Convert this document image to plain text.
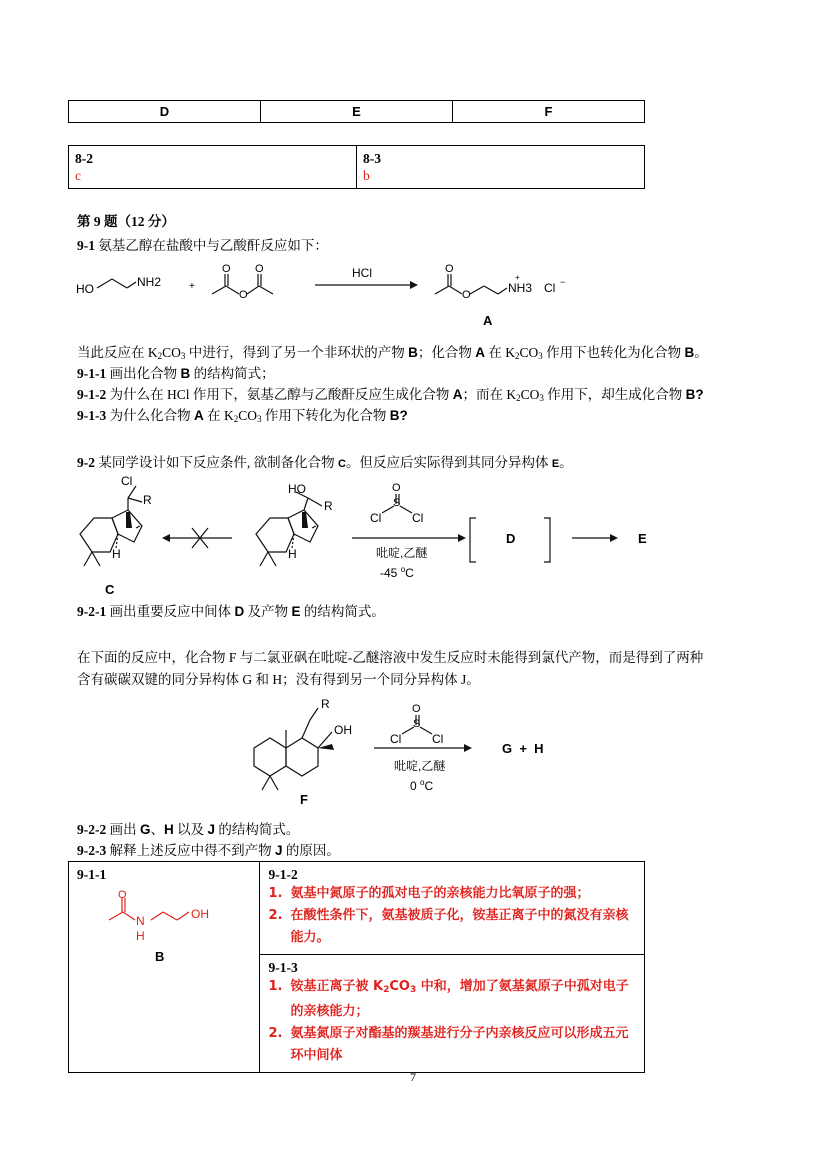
D	E	F
8-2
c

8-3
b
第 9 题（12 分）
9-1 氨基乙醇在盐酸中与乙酸酐反应如下：
HO	NH2	+
O O
O
HCl	O
O	NH3
+
Cl −
A
当此反应在 $K_2CO_3$ 中进行，得到了另一个非环状的产物 B；化合物 A 在 $K_2CO_3$ 作用下也转化为化合物 B。
9-1-1 画出化合物 B 的结构简式；
9-1-2 为什么在 HCl 作用下，氨基乙醇与乙酸酐反应生成化合物 A；而在 $K_2CO_3$ 作用下，却生成化合物 B?
9-1-3 为什么化合物 A 在 $K_2CO_3$ 作用下转化为化合物 B?
9-2 某同学设计如下反应条件, 欲制备化合物 C。但反应后实际得到其同分异构体 E。
Cl
R
H
C
HO
R
H
O
S
Cl	Cl
吡啶,乙醚
-45 $^o$C
D	E
9-2-1 画出重要反应中间体 D 及产物 E 的结构简式。
在下面的反应中，化合物 F 与二氯亚砜在吡啶-乙醚溶液中发生反应时未能得到氯代产物，而是得到了两种
含有碳碳双键的同分异构体 G 和 H；没有得到另一个同分异构体 J。
R
OH
F
O
S
Cl	Cl
吡啶,乙醚
0 $^o$C
G  +  H
9-2-2 画出 G、H 以及 J 的结构简式。
9-2-3 解释上述反应中得不到产物 J 的原因。
9-1-1
N
H
OH
O
B

9-1-2
1. 氨基中氮原子的孤对电子的亲核能力比氧原子的强；
2. 在酸性条件下，氨基被质子化，铵基正离子中的氮没有亲核能力。

9-1-3
1. 铵基正离子被 $K_2CO_3$ 中和，增加了氨基氮原子中孤对电子的亲核能力；
2. 氨基氮原子对酯基的羰基进行分子内亲核反应可以形成五元环中间体
7
